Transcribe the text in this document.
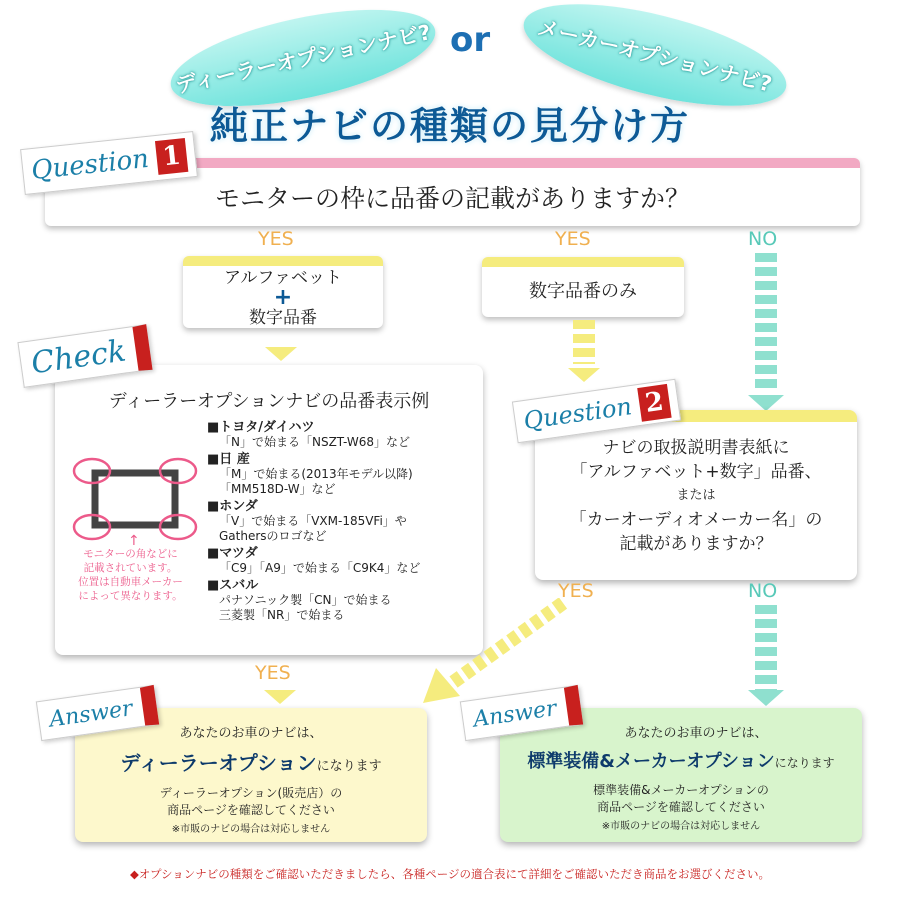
ディーラーオプションナビ? or メーカーオプションナビ?
純正ナビの種類の見分け方
モニターの枠に品番の記載がありますか？
Question 1
YES	YES	NO
アルファベット
+
数字品番
数字品番のみ
ディーラーオプションナビの品番表示例
↑
モニターの角などに
記載されています。
位置は自動車メーカー
によって異なります。
■トヨタ/ダイハツ
「N」で始まる「NSZT-W68」など
■日 産
「M」で始まる(2013年モデル以降)
「MM518D-W」など
■ホンダ
「V」で始まる「VXM-185VFi」や
Gathersのロゴなど
■マツダ
「C9」「A9」で始まる「C9K4」など
■スバル
パナソニック製「CN」で始まる
三菱製「NR」で始まる
Check
ナビの取扱説明書表紙に
「アルファベット+数字」品番、
または
「カーオーディオメーカー名」の
記載がありますか？
Question 2
YES
YES	NO
あなたのお車のナビは、
ディーラーオプションになります
ディーラーオプション(販売店）の
商品ページを確認してください
※市販のナビの場合は対応しません
Answer
あなたのお車のナビは、
標準装備&メーカーオプションになります
標準装備&メーカーオプションの
商品ページを確認してください
※市販のナビの場合は対応しません
Answer
◆オプションナビの種類をご確認いただきましたら、各種ページの適合表にて詳細をご確認いただき商品をお選びください。
